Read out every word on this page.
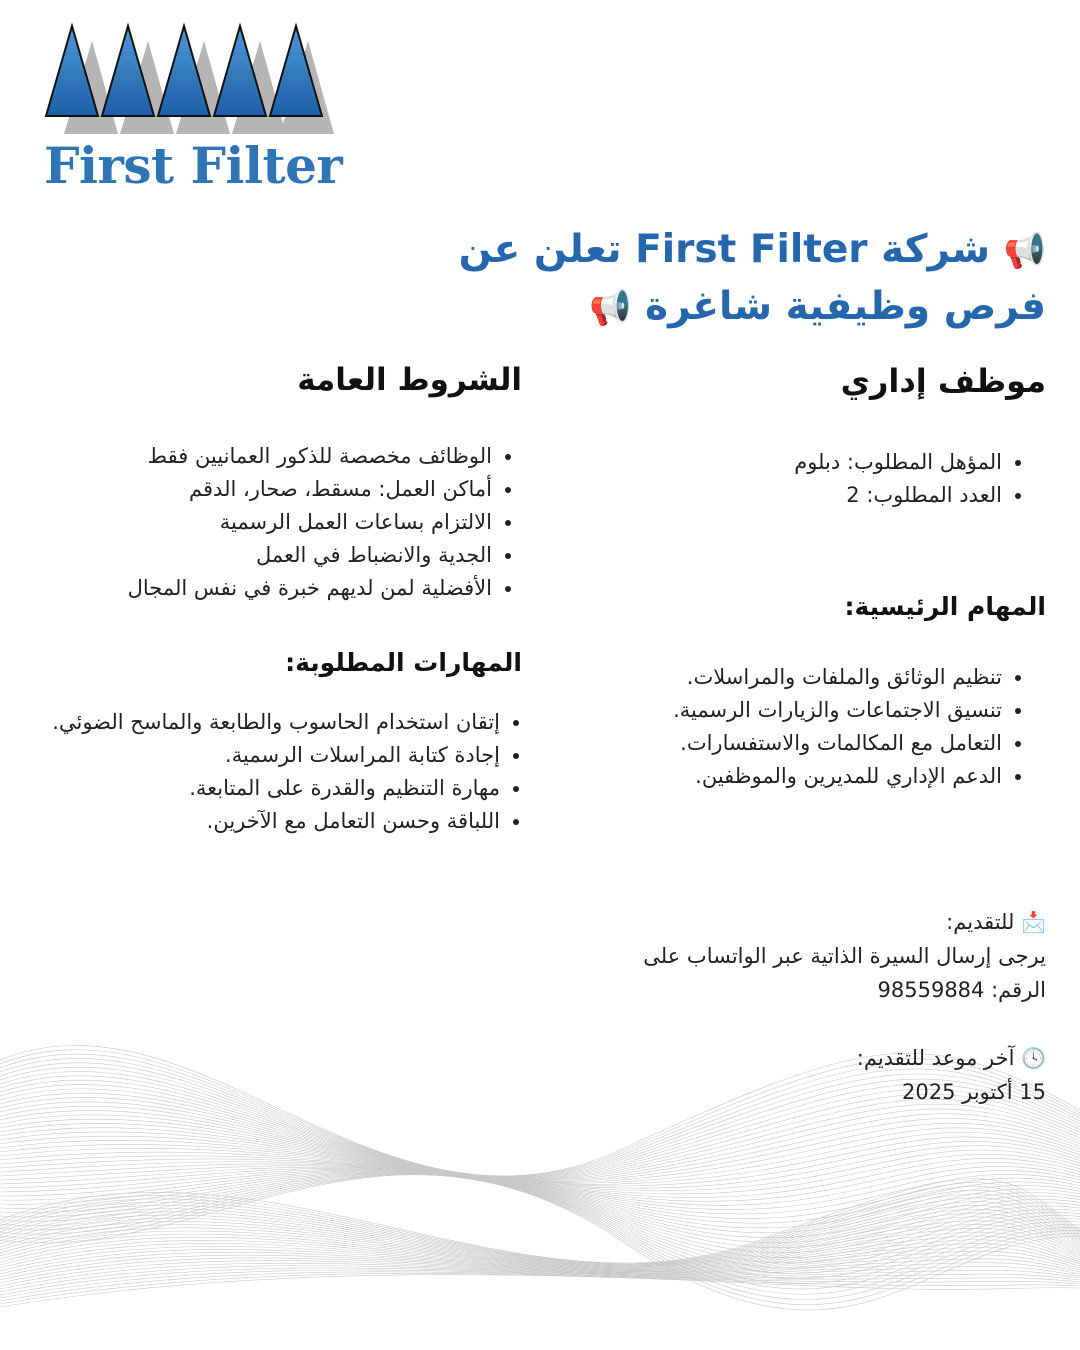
First Filter
📢 شركة First Filter تعلن عن
فرص وظيفية شاغرة 📢
موظف إداري
• المؤهل المطلوب: دبلوم
• العدد المطلوب: 2
المهام الرئيسية:
• تنظيم الوثائق والملفات والمراسلات.
• تنسيق الاجتماعات والزيارات الرسمية.
• التعامل مع المكالمات والاستفسارات.
• الدعم الإداري للمديرين والموظفين.
الشروط العامة
• الوظائف مخصصة للذكور العمانيين فقط
• أماكن العمل: مسقط، صحار، الدقم
• الالتزام بساعات العمل الرسمية
• الجدية والانضباط في العمل
• الأفضلية لمن لديهم خبرة في نفس المجال
المهارات المطلوبة:
• إتقان استخدام الحاسوب والطابعة والماسح الضوئي.
• إجادة كتابة المراسلات الرسمية.
• مهارة التنظيم والقدرة على المتابعة.
• اللباقة وحسن التعامل مع الآخرين.
📩 للتقديم:
يرجى إرسال السيرة الذاتية عبر الواتساب على
الرقم: 98559884
🕓 آخر موعد للتقديم:
15 أكتوبر 2025
